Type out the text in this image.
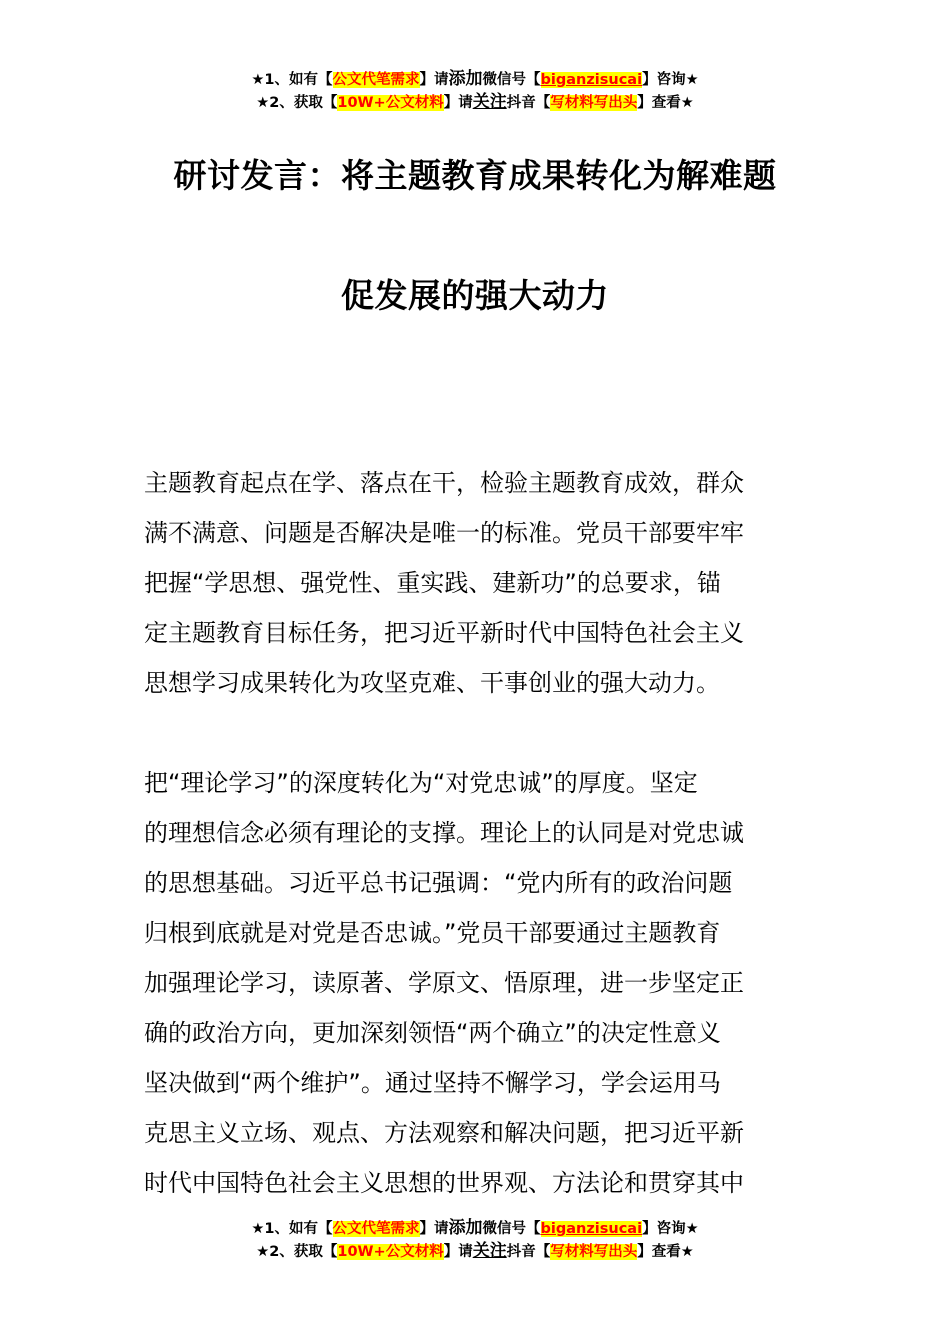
★1、如有【公文代笔需求】请添加微信号【biganzisucai】咨询★
★2、获取【10W+公文材料】请关注抖音【写材料写出头】查看★
研讨发言：将主题教育成果转化为解难题
促发展的强大动力
主题教育起点在学、落点在干，检验主题教育成效，群众
满不满意、问题是否解决是唯一的标准。党员干部要牢牢
把握“学思想、强党性、重实践、建新功”的总要求，锚
定主题教育目标任务，把习近平新时代中国特色社会主义
思想学习成果转化为攻坚克难、干事创业的强大动力。
把“理论学习”的深度转化为“对党忠诚”的厚度。坚定
的理想信念必须有理论的支撑。理论上的认同是对党忠诚
的思想基础。习近平总书记强调：“党内所有的政治问题
归根到底就是对党是否忠诚。”党员干部要通过主题教育
加强理论学习，读原著、学原文、悟原理，进一步坚定正
确的政治方向，更加深刻领悟“两个确立”的决定性意义
坚决做到“两个维护”。通过坚持不懈学习，学会运用马
克思主义立场、观点、方法观察和解决问题，把习近平新
时代中国特色社会主义思想的世界观、方法论和贯穿其中
★1、如有【公文代笔需求】请添加微信号【biganzisucai】咨询★
★2、获取【10W+公文材料】请关注抖音【写材料写出头】查看★
